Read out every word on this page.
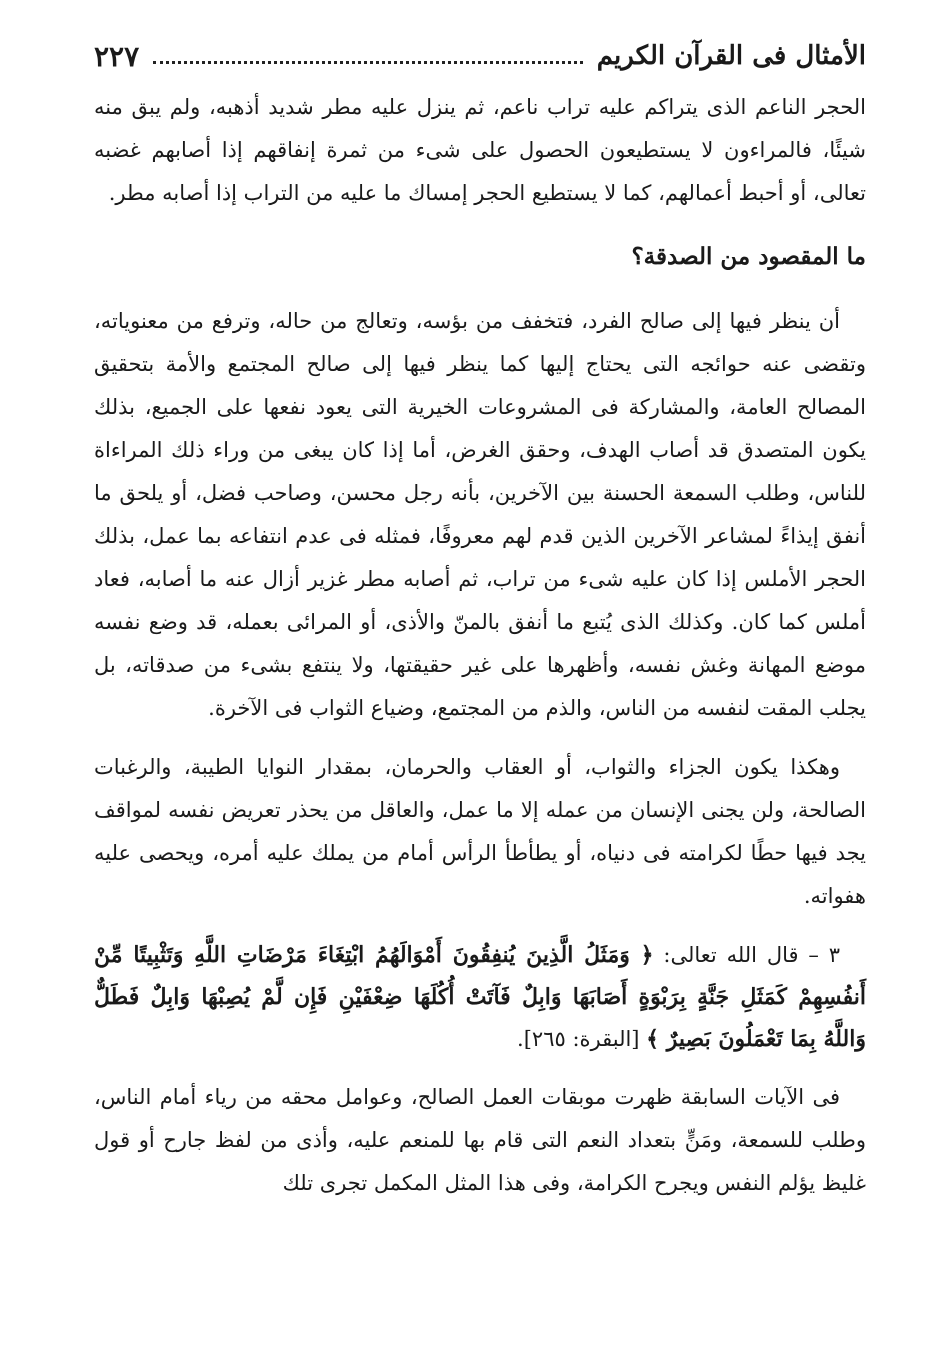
الأمثال فى القرآن الكريم
٢٢٧

الحجر الناعم الذى يتراكم عليه تراب ناعم، ثم ينزل عليه مطر شديد أذهبه، ولم يبق منه شيئًا، فالمراءون لا يستطيعون الحصول على شىء من ثمرة إنفاقهم إذا أصابهم غضبه تعالى، أو أحبط أعمالهم، كما لا يستطيع الحجر إمساك ما عليه من التراب إذا أصابه مطر.

ما المقصود من الصدقة؟

أن ينظر فيها إلى صالح الفرد، فتخفف من بؤسه، وتعالج من حاله، وترفع من معنوياته، وتقضى عنه حوائجه التى يحتاج إليها كما ينظر فيها إلى صالح المجتمع والأمة بتحقيق المصالح العامة، والمشاركة فى المشروعات الخيرية التى يعود نفعها على الجميع، بذلك يكون المتصدق قد أصاب الهدف، وحقق الغرض، أما إذا كان يبغى من وراء ذلك المراءاة للناس، وطلب السمعة الحسنة بين الآخرين، بأنه رجل محسن، وصاحب فضل، أو يلحق ما أنفق إيذاءً لمشاعر الآخرين الذين قدم لهم معروفًا، فمثله فى عدم انتفاعه بما عمل، بذلك الحجر الأملس إذا كان عليه شىء من تراب، ثم أصابه مطر غزير أزال عنه ما أصابه، فعاد أملس كما كان. وكذلك الذى يُتبع ما أنفق بالمنّ والأذى، أو المرائى بعمله، قد وضع نفسه موضع المهانة وغش نفسه، وأظهرها على غير حقيقتها، ولا ينتفع بشىء من صدقاته، بل يجلب المقت لنفسه من الناس، والذم من المجتمع، وضياع الثواب فى الآخرة.

وهكذا يكون الجزاء والثواب، أو العقاب والحرمان، بمقدار النوايا الطيبة، والرغبات الصالحة، ولن يجنى الإنسان من عمله إلا ما عمل، والعاقل من يحذر تعريض نفسه لمواقف يجد فيها حطًا لكرامته فى دنياه، أو يطأطأ الرأس أمام من يملك عليه أمره، ويحصى عليه هفواته.

٣ – قال الله تعالى: ﴿ وَمَثَلُ الَّذِينَ يُنفِقُونَ أَمْوَالَهُمُ ابْتِغَاءَ مَرْضَاتِ اللَّهِ وَتَثْبِيتًا مِّنْ أَنفُسِهِمْ كَمَثَلِ جَنَّةٍ بِرَبْوَةٍ أَصَابَهَا وَابِلٌ فَآتَتْ أُكُلَهَا ضِعْفَيْنِ فَإِن لَّمْ يُصِبْهَا وَابِلٌ فَطَلٌّ وَاللَّهُ بِمَا تَعْمَلُونَ بَصِيرٌ ﴾ [البقرة: ٢٦٥].

فى الآيات السابقة ظهرت موبقات العمل الصالح، وعوامل محقه من رياء أمام الناس، وطلب للسمعة، ومَنٍّ بتعداد النعم التى قام بها للمنعم عليه، وأذى من لفظ جارح أو قول غليظ يؤلم النفس ويجرح الكرامة، وفى هذا المثل المكمل تجرى تلك
